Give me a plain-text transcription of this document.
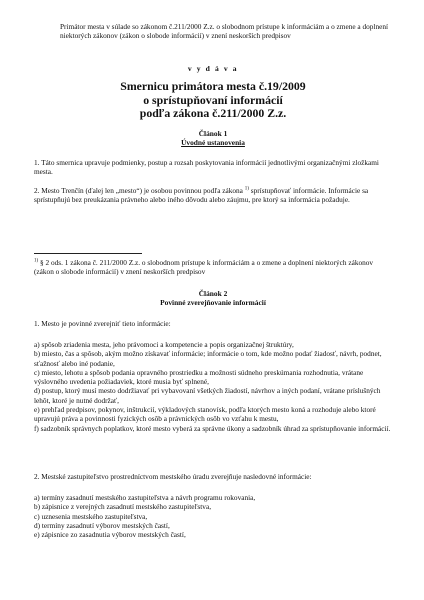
Primátor mesta v súlade so zákonom č.211/2000 Z.z. o slobodnom prístupe k informáciám a o zmene a doplnení niektorých zákonov (zákon o slobode informácií) v znení neskorších predpisov

v y d á v a

Smernicu primátora mesta č.19/2009
o sprístupňovaní informácií
podľa zákona č.211/2000 Z.z.
Článok 1
Úvodné ustanovenia

1. Táto smernica upravuje podmienky, postup a rozsah poskytovania informácií jednotlivými organizačnými zložkami mesta.

2. Mesto Trenčín (ďalej len „mesto“) je osobou povinnou podľa zákona $^{1)}$ sprístupňovať informácie. Informácie sa sprístupňujú bez preukázania právneho alebo iného dôvodu alebo záujmu, pre ktorý sa informácia požaduje.

$^{1)}$ § 2 ods. 1 zákona č. 211/2000 Z.z. o slobodnom prístupe k informáciám a o zmene a doplnení niektorých zákonov (zákon o slobode informácií) v znení neskorších predpisov

Článok 2
Povinné zverejňovanie informácií

1. Mesto je povinné zverejniť tieto informácie:

a) spôsob zriadenia mesta, jeho právomoci a kompetencie a popis organizačnej štruktúry,
b) miesto, čas a spôsob, akým možno získavať informácie; informácie o tom, kde možno podať žiadosť, návrh, podnet, sťažnosť alebo iné podanie,
c) miesto, lehotu a spôsob podania opravného prostriedku a možnosti súdneho preskúmania rozhodnutia, vrátane výslovného uvedenia požiadaviek, ktoré musia byť splnené,
d) postup, ktorý musí mesto dodržiavať pri vybavovaní všetkých žiadostí, návrhov a iných podaní, vrátane príslušných lehôt, ktoré je nutné dodržať,
e) prehľad predpisov, pokynov, inštrukcií, výkladových stanovísk, podľa ktorých mesto koná a rozhoduje alebo ktoré upravujú práva a povinnosti fyzických osôb a právnických osôb vo vzťahu k mestu,
f) sadzobník správnych poplatkov, ktoré mesto vyberá za správne úkony a sadzobník úhrad za sprístupňovanie informácií.

2. Mestské zastupiteľstvo prostredníctvom mestského úradu zverejňuje nasledovné informácie:

a) termíny zasadnutí mestského zastupiteľstva a návrh programu rokovania,
b) zápisnice z verejných zasadnutí mestského zastupiteľstva,
c) uznesenia mestského zastupiteľstva,
d) termíny zasadnutí výborov mestských častí,
e) zápisnice zo zasadnutia výborov mestských častí,
